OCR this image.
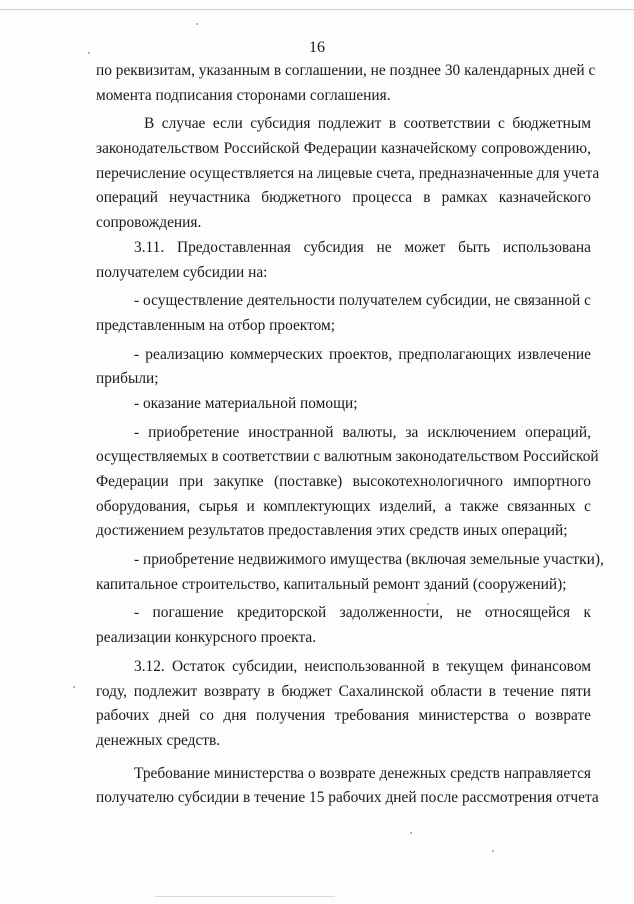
16
по реквизитам, указанным в соглашении, не позднее 30 календарных дней с
момента подписания сторонами соглашения.
В случае если субсидия подлежит в соответствии с бюджетным
законодательством Российской Федерации казначейскому сопровождению,
перечисление осуществляется на лицевые счета, предназначенные для учета
операций неучастника бюджетного процесса в рамках казначейского
сопровождения.
3.11. Предоставленная субсидия не может быть использована
получателем субсидии на:
- осуществление деятельности получателем субсидии, не связанной с
представленным на отбор проектом;
- реализацию коммерческих проектов, предполагающих извлечение
прибыли;
- оказание материальной помощи;
- приобретение иностранной валюты, за исключением операций,
осуществляемых в соответствии с валютным законодательством Российской
Федерации при закупке (поставке) высокотехнологичного импортного
оборудования, сырья и комплектующих изделий, а также связанных с
достижением результатов предоставления этих средств иных операций;
- приобретение недвижимого имущества (включая земельные участки),
капитальное строительство, капитальный ремонт зданий (сооружений);
- погашение кредиторской задолженности, не относящейся к
реализации конкурсного проекта.
3.12. Остаток субсидии, неиспользованной в текущем финансовом
году, подлежит возврату в бюджет Сахалинской области в течение пяти
рабочих дней со дня получения требования министерства о возврате
денежных средств.
Требование министерства о возврате денежных средств направляется
получателю субсидии в течение 15 рабочих дней после рассмотрения отчета
